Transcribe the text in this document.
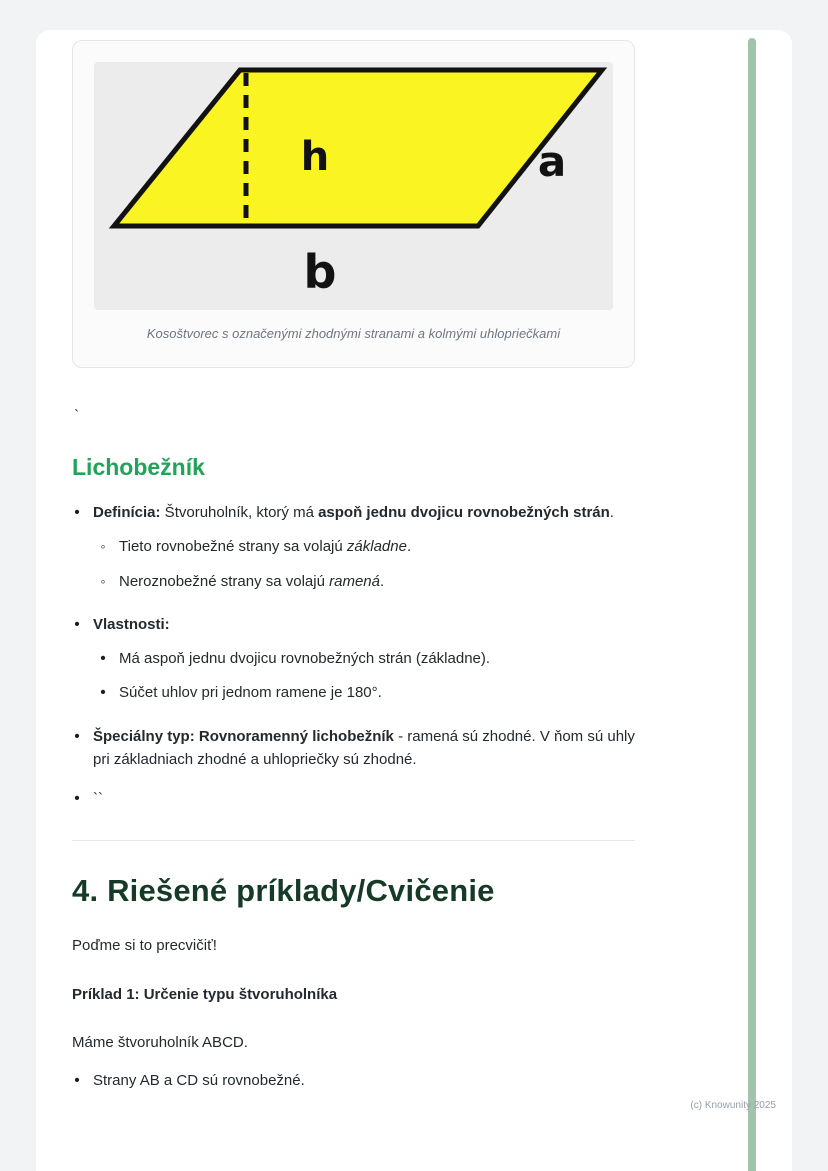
h	a
b
Kosoštvorec s označenými zhodnými stranami a kolmými uhlopriečkami
`
Lichobežník
•
Definícia: Štvoruholník, ktorý má aspoň jednu dvojicu rovnobežných strán.
◦
Tieto rovnobežné strany sa volajú základne.
◦
Neroznobežné strany sa volajú ramená.
•
Vlastnosti:
•
Má aspoň jednu dvojicu rovnobežných strán (základne).
•
Súčet uhlov pri jednom ramene je 180°.
•
Špeciálny typ: Rovnoramenný lichobežník - ramená sú zhodné. V ňom sú uhly pri základniach zhodné a uhlopriečky sú zhodné.
•
``
4. Riešené príklady/Cvičenie

Poďme si to precvičiť!

Príklad 1: Určenie typu štvoruholníka

Máme štvoruholník ABCD.

•
Strany AB a CD sú rovnobežné.
(c) Knowunity 2025
